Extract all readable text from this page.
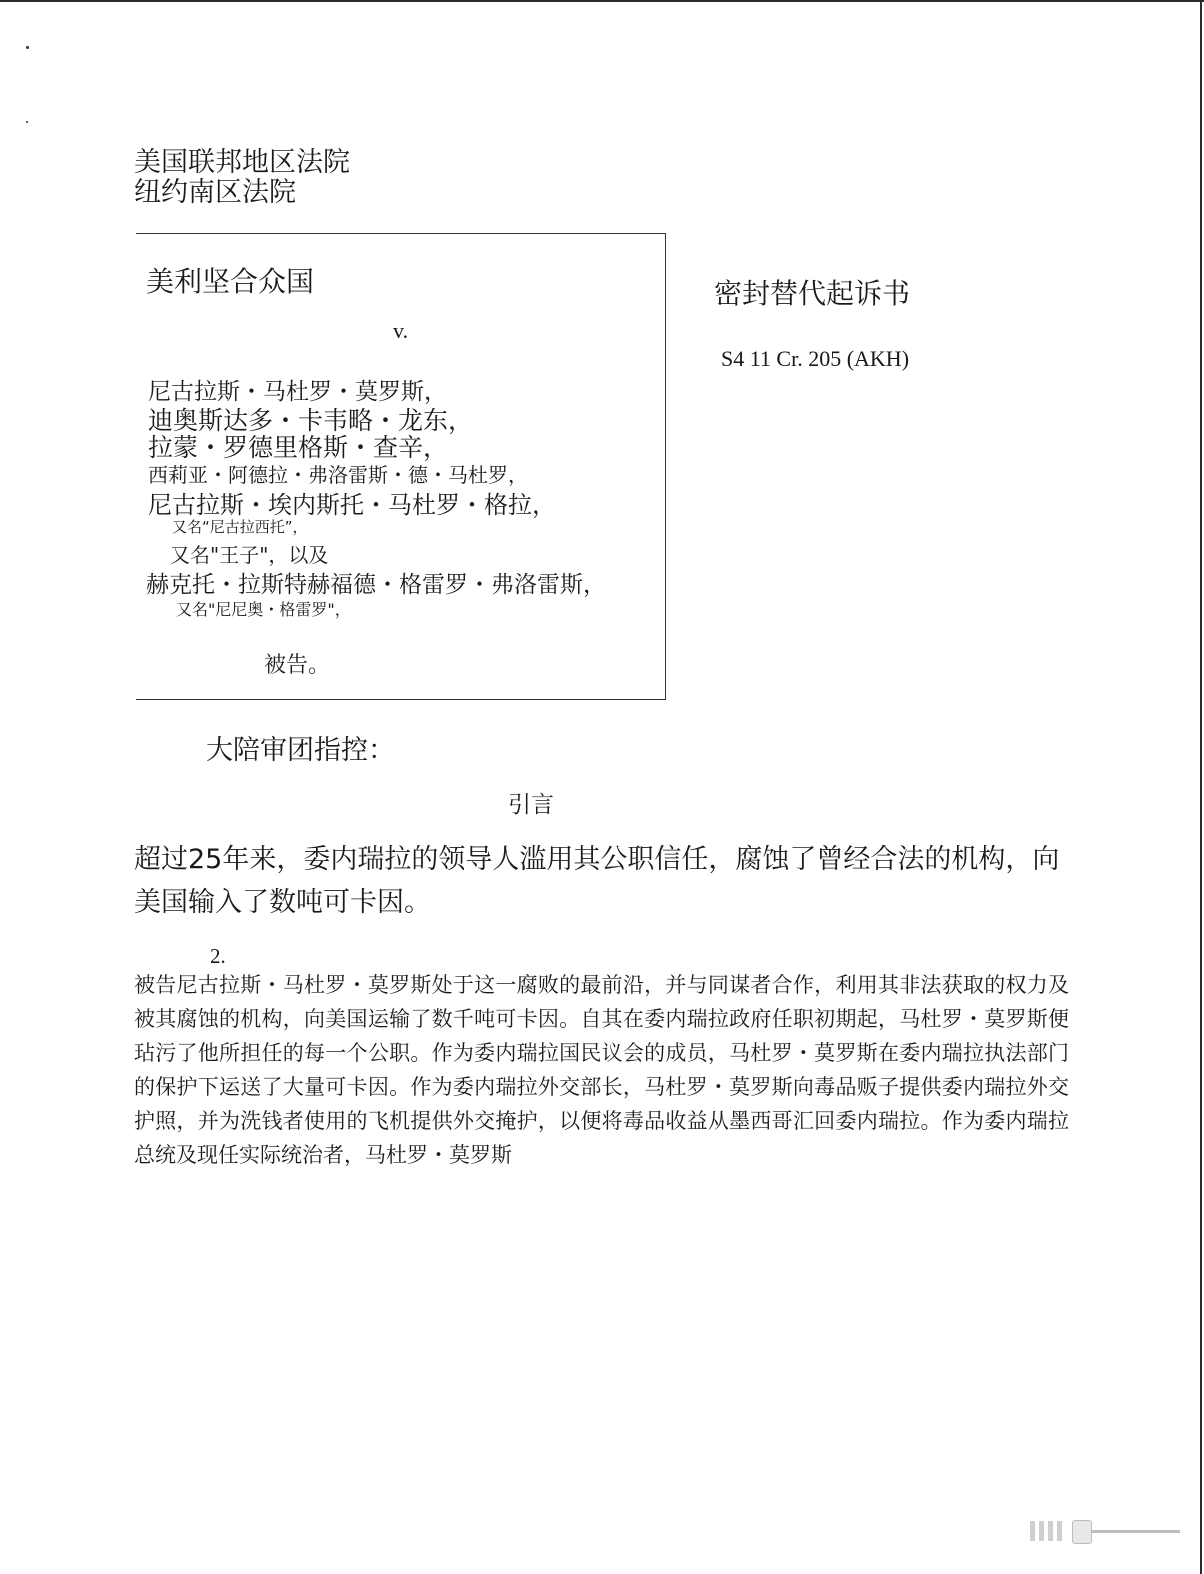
美国联邦地区法院
纽约南区法院
美利坚合众国
v.
尼古拉斯・马杜罗・莫罗斯，
迪奥斯达多・卡韦略・龙东，
拉蒙・罗德里格斯・查辛，
西莉亚・阿德拉・弗洛雷斯・德・马杜罗，
尼古拉斯・埃内斯托・马杜罗・格拉，
又名“尼古拉西托”，
又名"王子"，以及
赫克托・拉斯特赫福德・格雷罗・弗洛雷斯，
又名"尼尼奥・格雷罗"，
被告。
密封替代起诉书
S4 11 Cr. 205 (AKH)
大陪审团指控：
引言
超过25年来，委内瑞拉的领导人滥用其公职信任，腐蚀了曾经合法的机构，向美国输入了数吨可卡因。
2.
被告尼古拉斯・马杜罗・莫罗斯处于这一腐败的最前沿，并与同谋者合作，利用其非法获取的权力及被其腐蚀的机构，向美国运输了数千吨可卡因。自其在委内瑞拉政府任职初期起，马杜罗・莫罗斯便玷污了他所担任的每一个公职。作为委内瑞拉国民议会的成员，马杜罗・莫罗斯在委内瑞拉执法部门的保护下运送了大量可卡因。作为委内瑞拉外交部长，马杜罗・莫罗斯向毒品贩子提供委内瑞拉外交护照，并为洗钱者使用的飞机提供外交掩护，以便将毒品收益从墨西哥汇回委内瑞拉。作为委内瑞拉总统及现任实际统治者，马杜罗・莫罗斯
